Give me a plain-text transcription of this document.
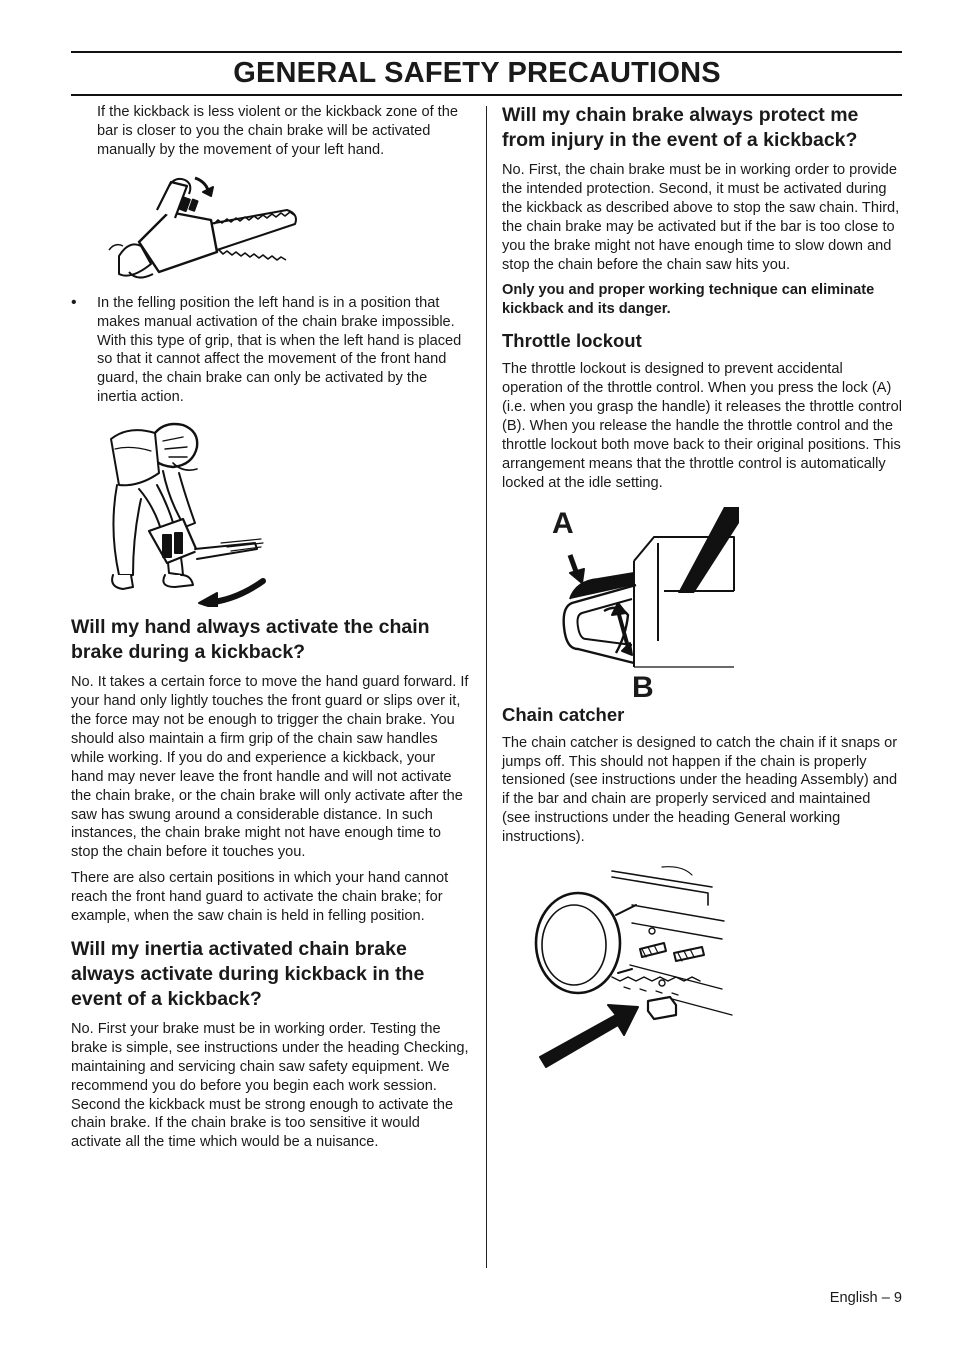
GENERAL SAFETY PRECAUTIONS

If the kickback is less violent or the kickback zone of the bar is closer to you the chain brake will be activated manually by the movement of your left hand.

• In the felling position the left hand is in a position that makes manual activation of the chain brake impossible. With this type of grip, that is when the left hand is placed so that it cannot affect the movement of the front hand guard, the chain brake can only be activated by the inertia action.

Will my hand always activate the chain brake during a kickback?

No. It takes a certain force to move the hand guard forward. If your hand only lightly touches the front guard or slips over it, the force may not be enough to trigger the chain brake. You should also maintain a firm grip of the chain saw handles while working. If you do and experience a kickback, your hand may never leave the front handle and will not activate the chain brake, or the chain brake will only activate after the saw has swung around a considerable distance. In such instances, the chain brake might not have enough time to stop the chain before it touches you.

There are also certain positions in which your hand cannot reach the front hand guard to activate the chain brake; for example, when the saw chain is held in felling position.

Will my inertia activated chain brake always activate during kickback in the event of a kickback?

No. First your brake must be in working order. Testing the brake is simple, see instructions under the heading Checking, maintaining and servicing chain saw safety equipment. We recommend you do before you begin each work session. Second the kickback must be strong enough to activate the chain brake. If the chain brake is too sensitive it would activate all the time which would be a nuisance.

Will my chain brake always protect me from injury in the event of a kickback?

No. First, the chain brake must be in working order to provide the intended protection. Second, it must be activated during the kickback as described above to stop the saw chain. Third, the chain brake may be activated but if the bar is too close to you the brake might not have enough time to slow down and stop the chain before the chain saw hits you.

Only you and proper working technique can eliminate kickback and its danger.

Throttle lockout

The throttle lockout is designed to prevent accidental operation of the throttle control. When you press the lock (A) (i.e. when you grasp the handle) it releases the throttle control (B). When you release the handle the throttle control and the throttle lockout both move back to their original positions. This arrangement means that the throttle control is automatically locked at the idle setting.

A
B
Chain catcher

The chain catcher is designed to catch the chain if it snaps or jumps off. This should not happen if the chain is properly tensioned (see instructions under the heading Assembly) and if the bar and chain are properly serviced and maintained (see instructions under the heading General working instructions).

English – 9
